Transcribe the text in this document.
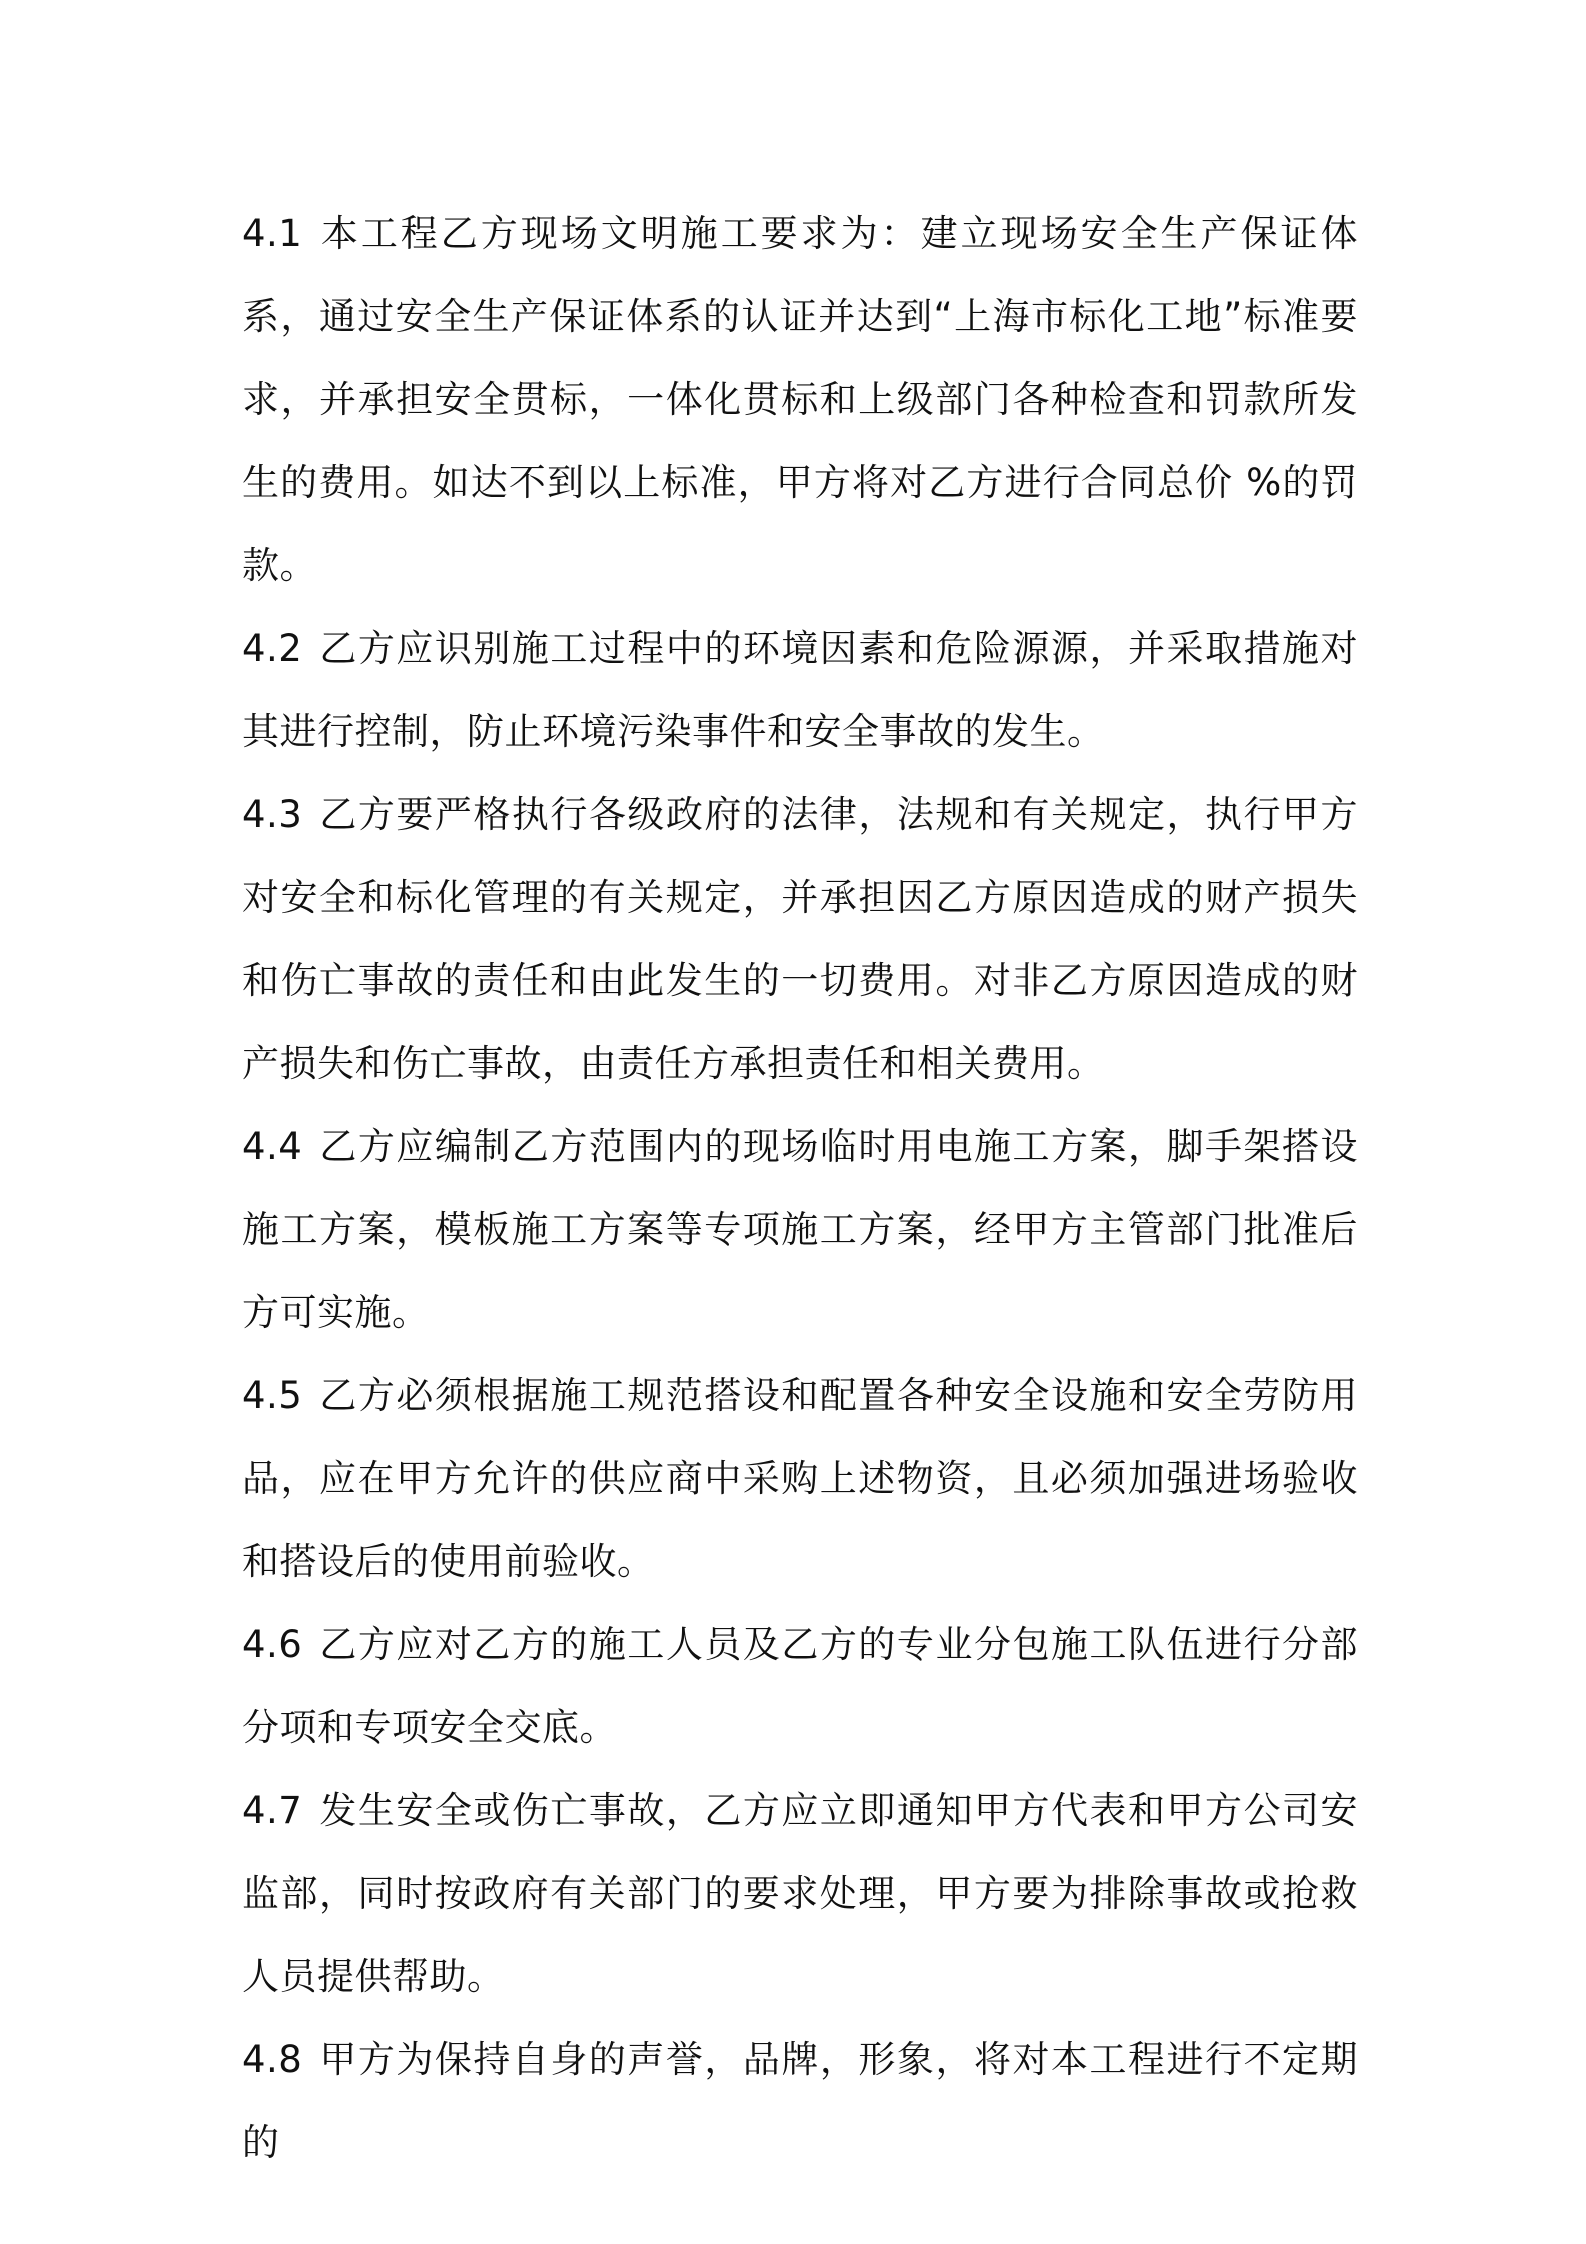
4.1 本工程乙方现场文明施工要求为：建立现场安全生产保证体系，通过安全生产保证体系的认证并达到“上海市标化工地”标准要求，并承担安全贯标，一体化贯标和上级部门各种检查和罚款所发生的费用。如达不到以上标准，甲方将对乙方进行合同总价 %的罚款。

4.2 乙方应识别施工过程中的环境因素和危险源源，并采取措施对其进行控制，防止环境污染事件和安全事故的发生。

4.3 乙方要严格执行各级政府的法律，法规和有关规定，执行甲方对安全和标化管理的有关规定，并承担因乙方原因造成的财产损失和伤亡事故的责任和由此发生的一切费用。对非乙方原因造成的财产损失和伤亡事故，由责任方承担责任和相关费用。

4.4 乙方应编制乙方范围内的现场临时用电施工方案，脚手架搭设施工方案，模板施工方案等专项施工方案，经甲方主管部门批准后方可实施。

4.5 乙方必须根据施工规范搭设和配置各种安全设施和安全劳防用品，应在甲方允许的供应商中采购上述物资，且必须加强进场验收和搭设后的使用前验收。

4.6 乙方应对乙方的施工人员及乙方的专业分包施工队伍进行分部分项和专项安全交底。

4.7 发生安全或伤亡事故，乙方应立即通知甲方代表和甲方公司安监部，同时按政府有关部门的要求处理，甲方要为排除事故或抢救人员提供帮助。

4.8 甲方为保持自身的声誉，品牌，形象，将对本工程进行不定期的
